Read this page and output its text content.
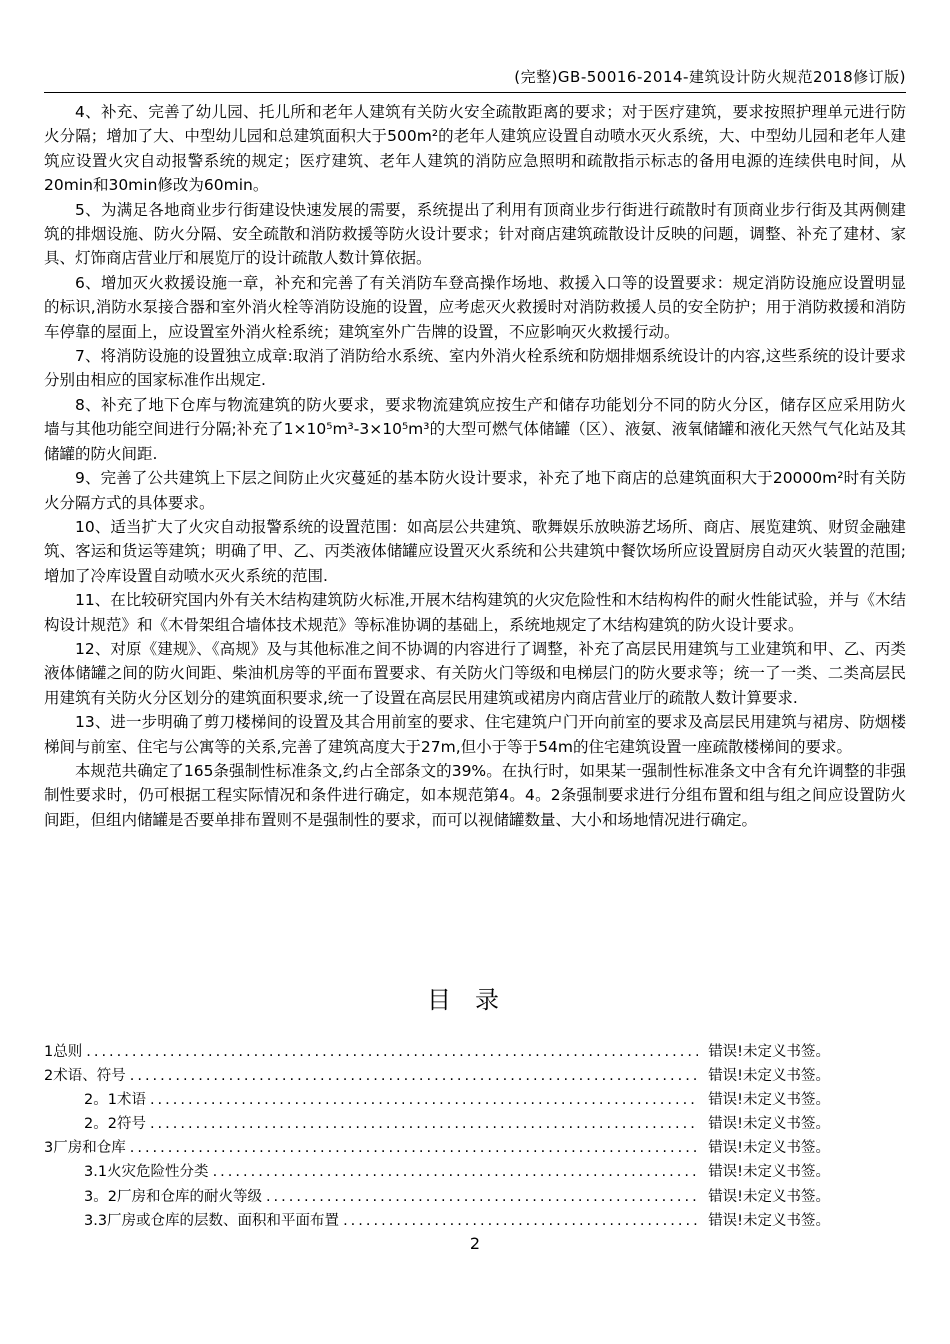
(完整)GB-50016-2014-建筑设计防火规范2018修订版)

4、补充、完善了幼儿园、托儿所和老年人建筑有关防火安全疏散距离的要求；对于医疗建筑，要求按照护理单元进行防火分隔；增加了大、中型幼儿园和总建筑面积大于500m²的老年人建筑应设置自动喷水灭火系统，大、中型幼儿园和老年人建筑应设置火灾自动报警系统的规定；医疗建筑、老年人建筑的消防应急照明和疏散指示标志的备用电源的连续供电时间，从20min和30min修改为60min。

5、为满足各地商业步行街建设快速发展的需要，系统提出了利用有顶商业步行街进行疏散时有顶商业步行街及其两侧建筑的排烟设施、防火分隔、安全疏散和消防救援等防火设计要求；针对商店建筑疏散设计反映的问题，调整、补充了建材、家具、灯饰商店营业厅和展览厅的设计疏散人数计算依据。

6、增加灭火救援设施一章，补充和完善了有关消防车登高操作场地、救援入口等的设置要求：规定消防设施应设置明显的标识,消防水泵接合器和室外消火栓等消防设施的设置，应考虑灭火救援时对消防救援人员的安全防护；用于消防救援和消防车停靠的屋面上，应设置室外消火栓系统；建筑室外广告牌的设置，不应影响灭火救援行动。

7、将消防设施的设置独立成章:取消了消防给水系统、室内外消火栓系统和防烟排烟系统设计的内容,这些系统的设计要求分别由相应的国家标准作出规定.

8、补充了地下仓库与物流建筑的防火要求，要求物流建筑应按生产和储存功能划分不同的防火分区，储存区应采用防火墙与其他功能空间进行分隔;补充了1×10⁵m³-3×10⁵m³的大型可燃气体储罐（区）、液氨、液氧储罐和液化天然气气化站及其储罐的防火间距.

9、完善了公共建筑上下层之间防止火灾蔓延的基本防火设计要求，补充了地下商店的总建筑面积大于20000m²时有关防火分隔方式的具体要求。

10、适当扩大了火灾自动报警系统的设置范围：如高层公共建筑、歌舞娱乐放映游艺场所、商店、展览建筑、财贸金融建筑、客运和货运等建筑；明确了甲、乙、丙类液体储罐应设置灭火系统和公共建筑中餐饮场所应设置厨房自动灭火装置的范围;增加了冷库设置自动喷水灭火系统的范围.

11、在比较研究国内外有关木结构建筑防火标准,开展木结构建筑的火灾危险性和木结构构件的耐火性能试验，并与《木结构设计规范》和《木骨架组合墙体技术规范》等标准协调的基础上，系统地规定了木结构建筑的防火设计要求。

12、对原《建规》、《高规》及与其他标准之间不协调的内容进行了调整，补充了高层民用建筑与工业建筑和甲、乙、丙类液体储罐之间的防火间距、柴油机房等的平面布置要求、有关防火门等级和电梯层门的防火要求等；统一了一类、二类高层民用建筑有关防火分区划分的建筑面积要求,统一了设置在高层民用建筑或裙房内商店营业厅的疏散人数计算要求.

13、进一步明确了剪刀楼梯间的设置及其合用前室的要求、住宅建筑户门开向前室的要求及高层民用建筑与裙房、防烟楼梯间与前室、住宅与公寓等的关系,完善了建筑高度大于27m,但小于等于54m的住宅建筑设置一座疏散楼梯间的要求。

本规范共确定了165条强制性标准条文,约占全部条文的39%。在执行时，如果某一强制性标准条文中含有允许调整的非强制性要求时，仍可根据工程实际情况和条件进行确定，如本规范第4。4。2条强制要求进行分组布置和组与组之间应设置防火间距，但组内储罐是否要单排布置则不是强制性的要求，而可以视储罐数量、大小和场地情况进行确定。

目录
1总则 .....	错误!未定义书签。
2术语、符号 .....	错误!未定义书签。
2。1术语 .....	错误!未定义书签。
2。2符号 .....	错误!未定义书签。
3厂房和仓库 .....	错误!未定义书签。
3.1火灾危险性分类 .....	错误!未定义书签。
3。2厂房和仓库的耐火等级 .....	错误!未定义书签。
3.3厂房或仓库的层数、面积和平面布置 .....	错误!未定义书签。
2
